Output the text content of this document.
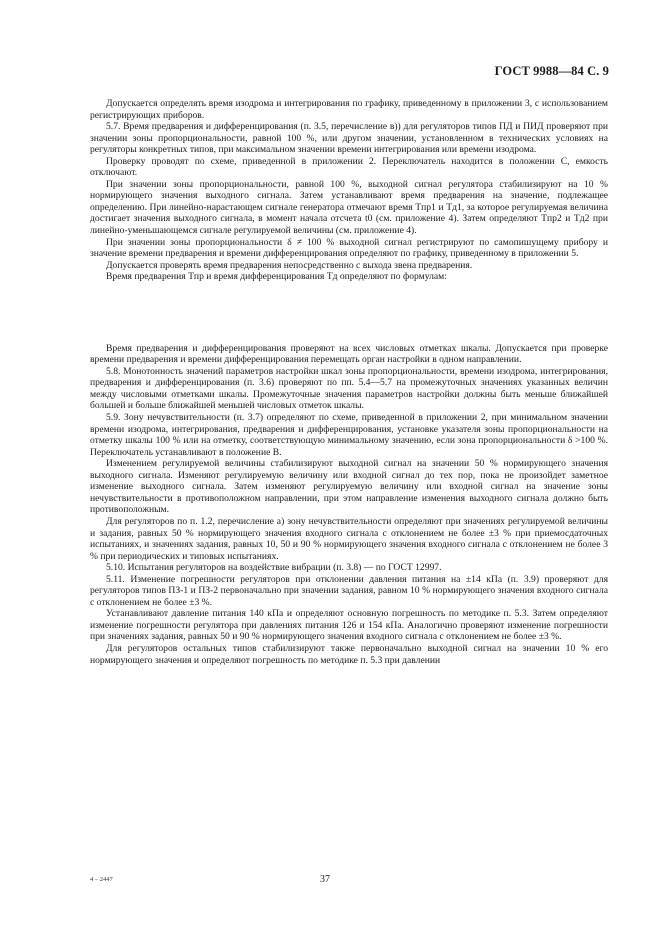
ГОСТ 9988—84 С. 9

Допускается определять время изодрома и интегрирования по графику, приведенному в приложении 3, с использованием регистрирующих приборов.

5.7. Время предварения и дифференцирования (п. 3.5, перечисление в)) для регуляторов типов ПД и ПИД проверяют при значении зоны пропорциональности, равной 100 %, или другом значении, установленном в технических условиях на регуляторы конкретных типов, при максимальном значении времени интегрирования или времени изодрома.

Проверку проводят по схеме, приведенной в приложении 2. Переключатель находится в положении С, емкость отключают.

При значении зоны пропорциональности, равной 100 %, выходной сигнал регулятора стабилизируют на 10 % нормирующего значения выходного сигнала. Затем устанавливают время предварения на значение, подлежащее определению. При линейно-нарастающем сигнале генератора отмечают время Tпр1 и Tд1, за которое регулируемая величина достигает значения выходного сигнала, в момент начала отсчета t0 (см. приложение 4). Затем определяют Tпр2 и Tд2 при линейно-уменьшающемся сигнале регулируемой величины (см. приложение 4).

При значении зоны пропорциональности δ ≠ 100 % выходной сигнал регистрируют по самопишущему прибору и значение времени предварения и времени дифференцирования определяют по графику, приведенному в приложении 5.

Допускается проверять время предварения непосредственно с выхода звена предварения.

Время предварения Tпр и время дифференцирования Tд определяют по формулам:

Время предварения и дифференцирования проверяют на всех числовых отметках шкалы. Допускается при проверке времени предварения и времени дифференцирования перемещать орган настройки в одном направлении.

5.8. Монотонность значений параметров настройки шкал зоны пропорциональности, времени изодрома, интегрирования, предварения и дифференцирования (п. 3.6) проверяют по пп. 5.4—5.7 на промежуточных значениях указанных величин между числовыми отметками шкалы. Промежуточные значения параметров настройки должны быть меньше ближайшей большей и больше ближайшей меньшей числовых отметок шкалы.

5.9. Зону нечувствительности (п. 3.7) определяют по схеме, приведенной в приложении 2, при минимальном значении времени изодрома, интегрирования, предварения и дифференцирования, установке указателя зоны пропорциональности на отметку шкалы 100 % или на отметку, соответствующую минимальному значению, если зона пропорциональности δ >100 %. Переключатель устанавливают в положение В.

Изменением регулируемой величины стабилизируют выходной сигнал на значении 50 % нормирующего значения выходного сигнала. Изменяют регулируемую величину или входной сигнал до тех пор, пока не произойдет заметное изменение выходного сигнала. Затем изменяют регулируемую величину или входной сигнал на значение зоны нечувствительности в противоположном направлении, при этом направление изменения выходного сигнала должно быть противоположным.

Для регуляторов по п. 1.2, перечисление а) зону нечувствительности определяют при значениях регулируемой величины и задания, равных 50 % нормирующего значения входного сигнала с отклонением не более ±3 % при приемосдаточных испытаниях, и значениях задания, равных 10, 50 и 90 % нормирующего значения входного сигнала с отклонением не более 3 % при периодических и типовых испытаниях.

5.10. Испытания регуляторов на воздействие вибрации (п. 3.8) — по ГОСТ 12997.

5.11. Изменение погрешности регуляторов при отклонении давления питания на ±14 кПа (п. 3.9) проверяют для регуляторов типов ПЗ-1 и ПЗ-2 первоначально при значении задания, равном 10 % нормирующего значения входного сигнала с отклонением не более ±3 %.

Устанавливают давление питания 140 кПа и определяют основную погрешность по методике п. 5.3. Затем определяют изменение погрешности регулятора при давлениях питания 126 и 154 кПа. Аналогично проверяют изменение погрешности при значениях задания, равных 50 и 90 % нормирующего значения входного сигнала с отклонением не более ±3 %.

Для регуляторов остальных типов стабилизируют также первоначально выходной сигнал на значении 10 % его нормирующего значения и определяют погрешность по методике п. 5.3 при давлении

4 – 2447	37
